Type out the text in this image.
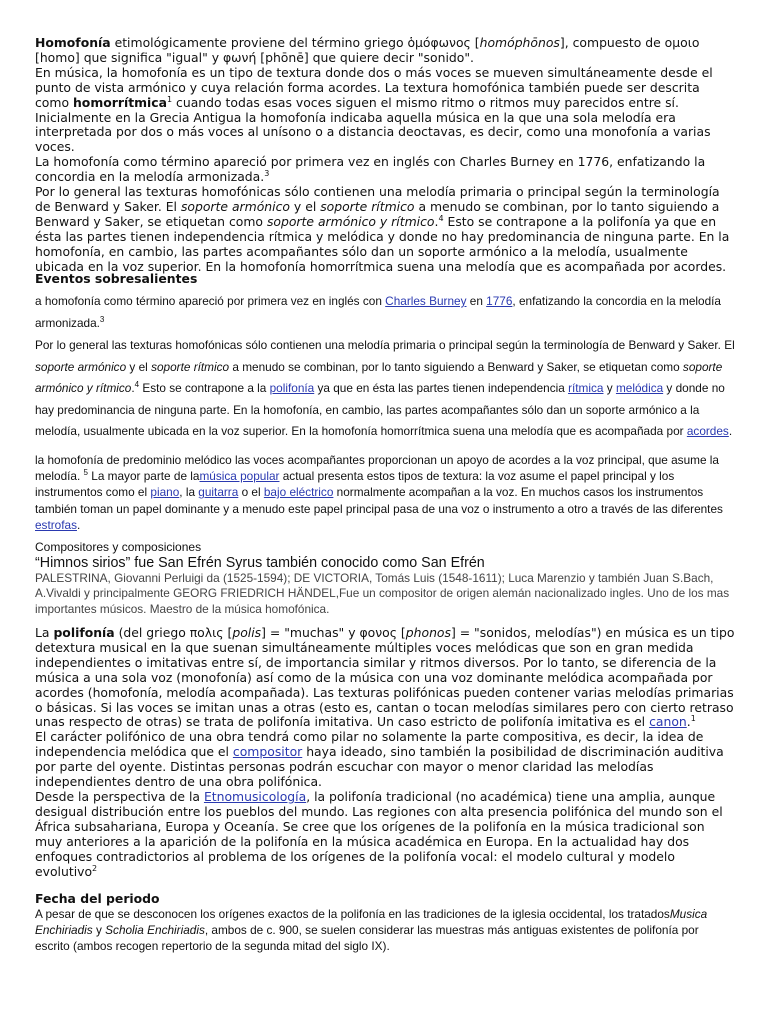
Homofonía etimológicamente proviene del término griego ὁμόφωνος [homóphōnos], compuesto de ομοιο [homo] que significa "igual" y φωνή [phōnē] que quiere decir "sonido".

En música, la homofonía es un tipo de textura donde dos o más voces se mueven simultáneamente desde el punto de vista armónico y cuya relación forma acordes. La textura homofónica también puede ser descrita como homorrítmica$^1$ cuando todas esas voces siguen el mismo ritmo o ritmos muy parecidos entre sí.

Inicialmente en la Grecia Antigua la homofonía indicaba aquella música en la que una sola melodía era interpretada por dos o más voces al unísono o a distancia deoctavas, es decir, como una monofonía a varias voces.

La homofonía como término apareció por primera vez en inglés con Charles Burney en 1776, enfatizando la concordia en la melodía armonizada.$^3$

Por lo general las texturas homofónicas sólo contienen una melodía primaria o principal según la terminología de Benward y Saker. El soporte armónico y el soporte rítmico a menudo se combinan, por lo tanto siguiendo a Benward y Saker, se etiquetan como soporte armónico y rítmico.$^4$ Esto se contrapone a la polifonía ya que en ésta las partes tienen independencia rítmica y melódica y donde no hay predominancia de ninguna parte. En la homofonía, en cambio, las partes acompañantes sólo dan un soporte armónico a la melodía, usualmente ubicada en la voz superior. En la homofonía homorrítmica suena una melodía que es acompañada por acordes.

Eventos sobresalientes
a homofonía como término apareció por primera vez en inglés con Charles Burney en 1776, enfatizando la concordia en la melodía armonizada.$^3$
Por lo general las texturas homofónicas sólo contienen una melodía primaria o principal según la terminología de Benward y Saker. El soporte armónico y el soporte rítmico a menudo se combinan, por lo tanto siguiendo a Benward y Saker, se etiquetan como soporte armónico y rítmico.$^4$ Esto se contrapone a la polifonía ya que en ésta las partes tienen independencia rítmica y melódica y donde no hay predominancia de ninguna parte. En la homofonía, en cambio, las partes acompañantes sólo dan un soporte armónico a la melodía, usualmente ubicada en la voz superior. En la homofonía homorrítmica suena una melodía que es acompañada por acordes.
la homofonía de predominio melódico las voces acompañantes proporcionan un apoyo de acordes a la voz principal, que asume la melodía. $^5$ La mayor parte de lamúsica popular actual presenta estos tipos de textura: la voz asume el papel principal y los instrumentos como el piano, la guitarra o el bajo eléctrico normalmente acompañan a la voz. En muchos casos los instrumentos también toman un papel dominante y a menudo este papel principal pasa de una voz o instrumento a otro a través de las diferentes estrofas.
Compositores y composiciones
“Himnos sirios” fue San Efrén Syrus también conocido como San Efrén
PALESTRINA, Giovanni Perluigi da (1525-1594); DE VICTORIA, Tomás Luis (1548-1611); Luca Marenzio y también Juan S.Bach, A.Vivaldi y principalmente GEORG FRIEDRICH HÄNDEL,Fue un compositor de origen alemán nacionalizado ingles. Uno de los mas importantes músicos. Maestro de la música homofónica.

La polifonía (del griego πολις [polis] = "muchas" y φονος [phonos] = "sonidos, melodías") en música es un tipo detextura musical en la que suenan simultáneamente múltiples voces melódicas que son en gran medida independientes o imitativas entre sí, de importancia similar y ritmos diversos. Por lo tanto, se diferencia de la música a una sola voz (monofonía) así como de la música con una voz dominante melódica acompañada por acordes (homofonía, melodía acompañada). Las texturas polifónicas pueden contener varias melodías primarias o básicas. Si las voces se imitan unas a otras (esto es, cantan o tocan melodías similares pero con cierto retraso unas respecto de otras) se trata de polifonía imitativa. Un caso estricto de polifonía imitativa es el canon.$^1$

El carácter polifónico de una obra tendrá como pilar no solamente la parte compositiva, es decir, la idea de independencia melódica que el compositor haya ideado, sino también la posibilidad de discriminación auditiva por parte del oyente. Distintas personas podrán escuchar con mayor o menor claridad las melodías independientes dentro de una obra polifónica.

Desde la perspectiva de la Etnomusicología, la polifonía tradicional (no académica) tiene una amplia, aunque desigual distribución entre los pueblos del mundo. Las regiones con alta presencia polifónica del mundo son el África subsahariana, Europa y Oceanía. Se cree que los orígenes de la polifonía en la música tradicional son muy anteriores a la aparición de la polifonía en la música académica en Europa. En la actualidad hay dos enfoques contradictorios al problema de los orígenes de la polifonía vocal: el modelo cultural y modelo evolutivo$^2$

Fecha del periodo
A pesar de que se desconocen los orígenes exactos de la polifonía en las tradiciones de la iglesia occidental, los tratadosMusica Enchiriadis y Scholia Enchiriadis, ambos de c. 900, se suelen considerar las muestras más antiguas existentes de polifonía por escrito (ambos recogen repertorio de la segunda mitad del siglo IX).
